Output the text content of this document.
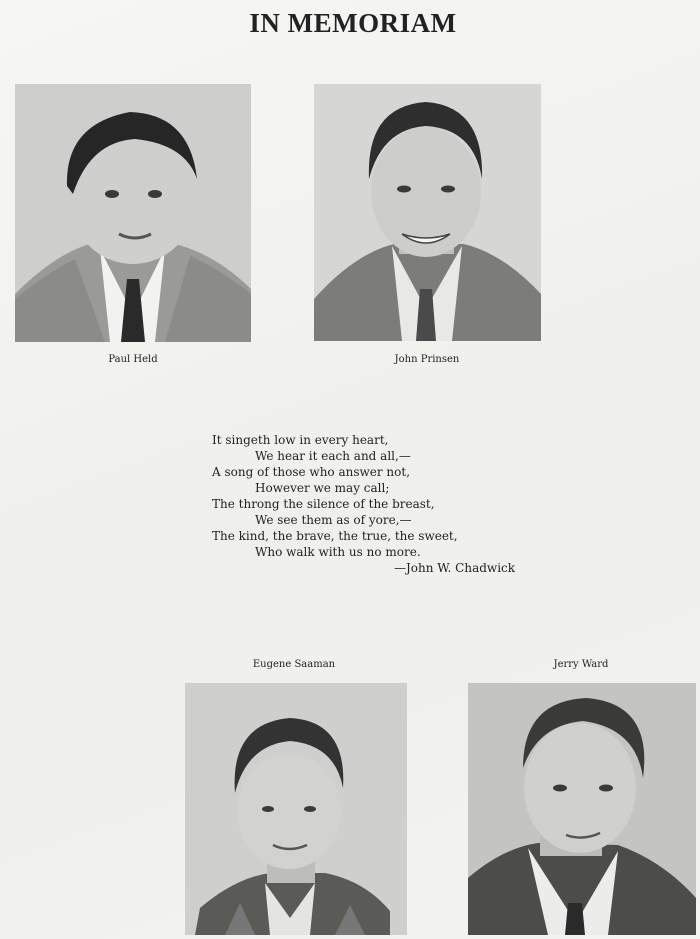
IN MEMORIAM
Paul Held	John Prinsen
It singeth low in every heart,
We hear it each and all,—
A song of those who answer not,
However we may call;
The throng the silence of the breast,
We see them as of yore,—
The kind, the brave, the true, the sweet,
Who walk with us no more.
—John W. Chadwick
Eugene Saaman	Jerry Ward
